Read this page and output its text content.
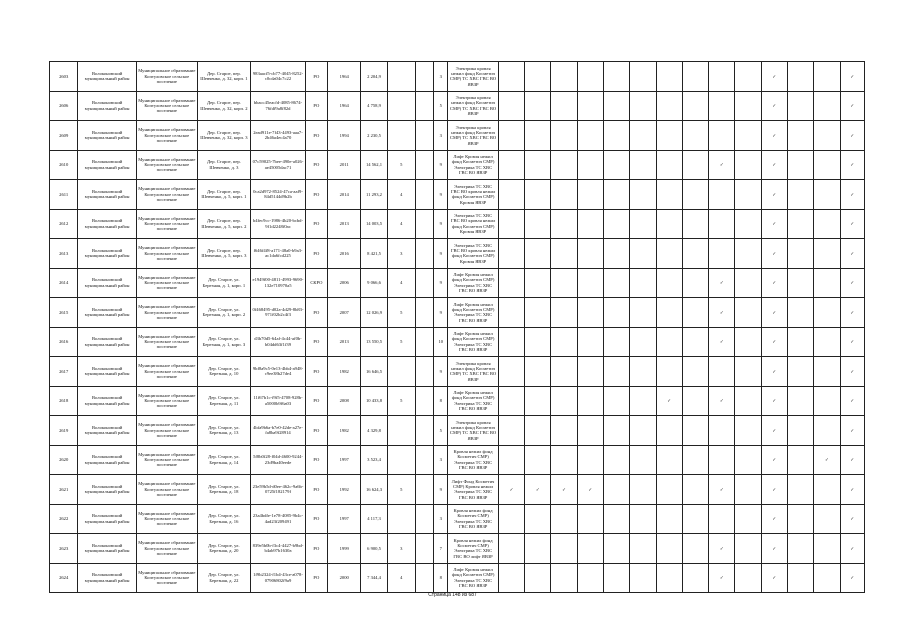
2603	Волоконовский муниципальный район	Муниципальное образование Коптуловское сельское поселение	Дер. Старое, пер. Шевченко, д. 32, корп. 1	983ааcf5-cb77-4045-8252-c0cda04c7c22	РО	1964	2 204,9			3	Электрика кровля нежил фонд Косметич СМР) ТС ХВС ГВС ВО ЯВЗР											✓			✓
2606	Волоконовский муниципальный район	Муниципальное образование Коптуловское сельское поселение	Дер. Старое, пер. Шевченко, д. 32, корп. 2	bbacc45eacfd-4085-8674-76fdf9a8f82d	РО	1964	4 758,9			5	Электрика кровля нежил фонд Косметич СМР) ТС ХВС ГВС ВО ЯВЗР											✓			✓
2609	Волоконовский муниципальный район	Муниципальное образование Коптуловское сельское поселение	Дер. Старое, пер. Шевченко, д. 32, корп. 3	2ead911e-7f43-4493-aaa7-2b46a4ec4a70	РО	1994	2 230,5			3	Электрика кровля нежил фонд Косметич СМР) ТС ХВС ГВС ВО ЯВЗР											✓			✓
2610	Волоконовский муниципальный район	Муниципальное образование Коптуловское сельское поселение	Дер. Старое, пер. Шевченко, д. 3	07c59025-7bee-490e-a026-ae45005dac71	РО	2011	14 562,1	5		9	Лифт Кровля нежил фонд Косметич СМР) Электрика ТС ХВС ГВС ВО ЯВЗР									✓		✓			✓
2611	Волоконовский муниципальный район	Муниципальное образование Коптуловское сельское поселение	Дер. Старое, пер. Шевченко, д. 5, корп. 1	0ca2d972-8524-47ca-aaf9-84d5144d9b2b	РО	2014	11 293,2	4		9	Электрика ТС ХВС ГВС ВО кровля нежил фонд Косметич СМР) Кровля ЯВЗР											✓			✓
2612	Волоконовский муниципальный район	Муниципальное образование Коптуловское сельское поселение	Дер. Старое, пер. Шевченко, д. 5, корп. 2	b4fec9cc-1986-4b20-bcbd-9f1d2248f0ac	РО	2013	14 003,5	4		9	Электрика ТС ХВС ГВС ВО кровля нежил фонд Косметич СМР) Кровля ЯВЗР											✓			✓
2613	Волоконовский муниципальный район	Муниципальное образование Коптуловское сельское поселение	Дер. Старое, пер. Шевченко, д. 5, корп. 3	f646f4f8-a171-48a0-b9a3-ac1da6fcd225	РО	2016	8 421,5	3		9	Электрика ТС ХВС ГВС ВО кровля нежил фонд Косметич СМР) Кровля ЯВЗР											✓			✓
2614	Волоконовский муниципальный район	Муниципальное образование Коптуловское сельское поселение	Дер. Старое, ул. Березная, д. 1, корп. 1	e1949f00-4811-4993-9690-132e710970a5	СКРО	2006	9 066,6	4		9	Лифт Кровля нежил фонд Косметич СМР) Электрика ТС ХВС ГВС ВО ЯВЗР									✓		✓			✓
2615	Волоконовский муниципальный район	Муниципальное образование Коптуловское сельское поселение	Дер. Старое, ул. Березная, д. 1, корп. 2	0f468495-d02a-4d29-8b83-971f02b2c4f3	РО	2007	12 026,9	5		9	Лифт Кровля нежил фонд Косметич СМР) Электрика ТС ХВС ГВС ВО ЯВЗР									✓		✓			✓
2616	Волоконовский муниципальный район	Муниципальное образование Коптуловское сельское поселение	Дер. Старое, ул. Березная, д. 1, корп. 3	d3b70d5-64af-4c44-af0b-b04dd63f1f39	РО	2013	13 550,5	5		10	Лифт Кровля нежил фонд Косметич СМР) Электрика ТС ХВС ГВС ВО ЯВЗР									✓		✓			✓
2617	Волоконовский муниципальный район	Муниципальное образование Коптуловское сельское поселение	Дер. Старое, ул. Березная, д. 10	9bf8a9c5-0e13-4bb4-a948-c9ee38b27de4	РО	1982	16 646,5			9	Электрика кровля нежил фонд Косметич СМР) ТС ХВС ГВС ВО ЯВЗР											✓			✓
2618	Волоконовский муниципальный район	Муниципальное образование Коптуловское сельское поселение	Дер. Старое, ул. Березная, д. 11	11f67b1c-f9f5-4708-928b-a5000b9f6a03	РО	2008	10 433,8	5		8	Лифт Кровля нежил фонд Косметич СМР) Электрика ТС ХВС ГВС ВО ЯВЗР							✓		✓		✓			✓
2619	Волоконовский муниципальный район	Муниципальное образование Коптуловское сельское поселение	Дер. Старое, ул. Березная, д. 13	4bfa9b6a-b7e0-42de-a27e-fa8ba9f28914	РО	1982	4 329,8			5	Электрика кровля нежил фонд Косметич СМР) ТС ХВС ГВС ВО ЯВЗР											✓			✓
2620	Волоконовский муниципальный район	Муниципальное образование Коптуловское сельское поселение	Дер. Старое, ул. Березная, д. 14	5f8b0f28-f04d-4600-9244-23d9ba40eede	РО	1997	3 523,4			3	Кровля нежил фонд Косметич СМР) Электрика ТС ХВС ГВС ВО ЯВЗР											✓		✓	✓
2621	Волоконовский муниципальный район	Муниципальное образование Коптуловское сельское поселение	Дер. Старое, ул. Березная, д. 18	23e59b5d-d0ee-462c-9a6b-0725f182179f	РО	1992	16 624,3	5		9	Лифт Фонд Косметич СМР) Кровля нежил Электрика ТС ХВС ГВС ВО ЯВЗР	✓	✓	✓	✓					✓		✓			✓
2622	Волоконовский муниципальный район	Муниципальное образование Коптуловское сельское поселение	Дер. Старое, ул. Березная, д. 16	23a4bdfe-1e78-4085-9b4c-4ad23f209491	РО	1997	4 117,3			3	Кровля нежил фонд Косметич СМР) Электрика ТС ХВС ГВС ВО ЯВЗР											✓			✓
2623	Волоконовский муниципальный район	Муниципальное образование Коптуловское сельское поселение	Дер. Старое, ул. Березная, д. 20	839e5b0b-f3c4-4427-b9bd-b4ab97b1630a	РО	1999	6 900,5	3		7	Кровля нежил фонд Косметич СМР) Электрика ТС ХВС ГВС ВО лифт ЯВЗР									✓		✓			✓
2624	Волоконовский муниципальный район	Муниципальное образование Коптуловское сельское поселение	Дер. Старое, ул. Березная, д. 22	1f9b2324-f1b4-43ce-a078-07906802f9a9	РО	2000	7 344,4	4		8	Лифт Кровля нежил фонд Косметич СМР) Электрика ТС ХВС ГВС ВО ЯВЗР									✓		✓			✓
Страница 148 из 687
